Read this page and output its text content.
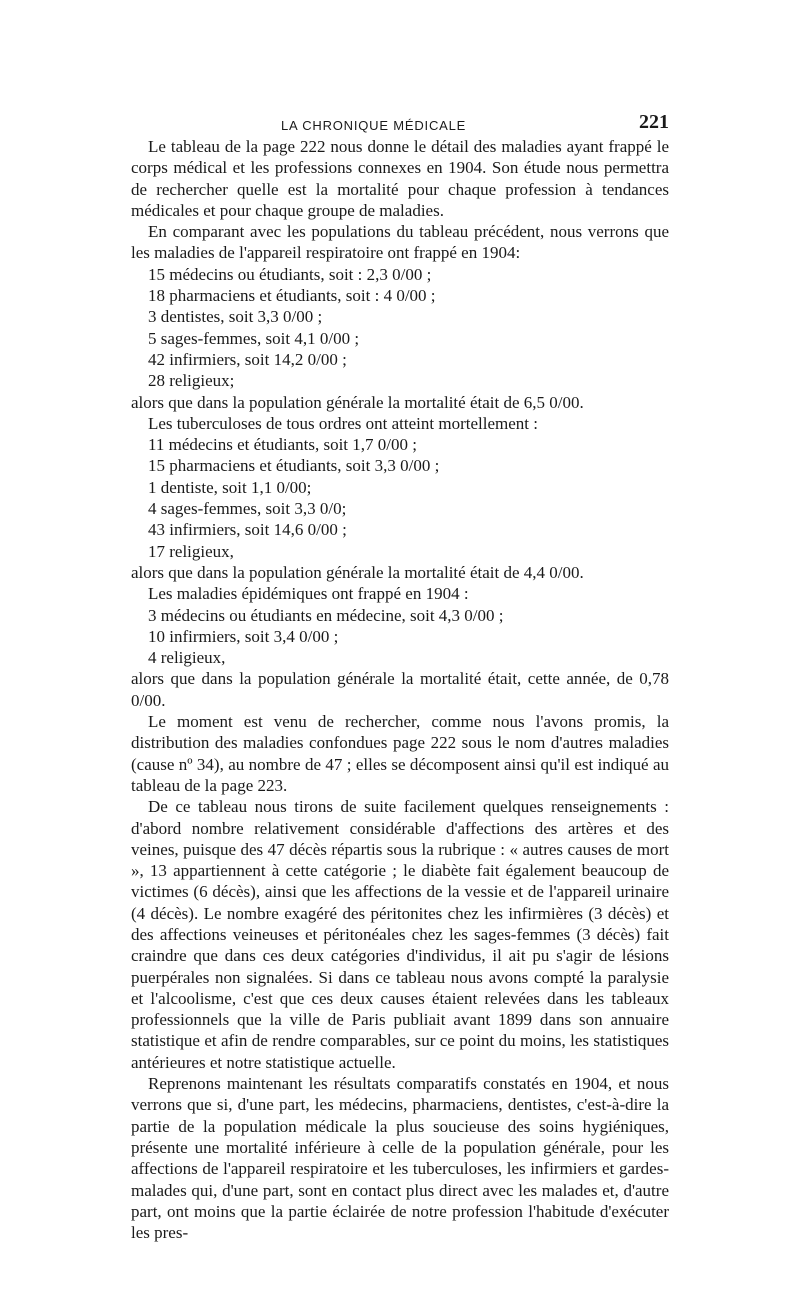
LA CHRONIQUE MÉDICALE	221

Le tableau de la page 222 nous donne le détail des maladies ayant frappé le corps médical et les professions connexes en 1904. Son étude nous permettra de rechercher quelle est la mortalité pour chaque profession à tendances médicales et pour chaque groupe de maladies.

En comparant avec les populations du tableau précédent, nous verrons que les maladies de l'appareil respiratoire ont frappé en 1904:

15 médecins ou étudiants, soit : 2,3 0/00 ;

18 pharmaciens et étudiants, soit : 4 0/00 ;

3 dentistes, soit 3,3 0/00 ;

5 sages-femmes, soit 4,1 0/00 ;

42 infirmiers, soit 14,2 0/00 ;

28 religieux;

alors que dans la population générale la mortalité était de 6,5 0/00.

Les tuberculoses de tous ordres ont atteint mortellement :

11 médecins et étudiants, soit 1,7 0/00 ;

15 pharmaciens et étudiants, soit 3,3 0/00 ;

1 dentiste, soit 1,1 0/00;

4 sages-femmes, soit 3,3 0/0;

43 infirmiers, soit 14,6 0/00 ;

17 religieux,

alors que dans la population générale la mortalité était de 4,4 0/00.

Les maladies épidémiques ont frappé en 1904 :

3 médecins ou étudiants en médecine, soit 4,3 0/00 ;

10 infirmiers, soit 3,4 0/00 ;

4 religieux,

alors que dans la population générale la mortalité était, cette année, de 0,78 0/00.

Le moment est venu de rechercher, comme nous l'avons promis, la distribution des maladies confondues page 222 sous le nom d'autres maladies (cause nº 34), au nombre de 47 ; elles se décomposent ainsi qu'il est indiqué au tableau de la page 223.

De ce tableau nous tirons de suite facilement quelques renseignements : d'abord nombre relativement considérable d'affections des artères et des veines, puisque des 47 décès répartis sous la rubrique : « autres causes de mort », 13 appartiennent à cette catégorie ; le diabète fait également beaucoup de victimes (6 décès), ainsi que les affections de la vessie et de l'appareil urinaire (4 décès). Le nombre exagéré des péritonites chez les infirmières (3 décès) et des affections veineuses et péritonéales chez les sages-femmes (3 décès) fait craindre que dans ces deux catégories d'individus, il ait pu s'agir de lésions puerpérales non signalées. Si dans ce tableau nous avons compté la paralysie et l'alcoolisme, c'est que ces deux causes étaient relevées dans les tableaux professionnels que la ville de Paris publiait avant 1899 dans son annuaire statistique et afin de rendre comparables, sur ce point du moins, les statistiques antérieures et notre statistique actuelle.

Reprenons maintenant les résultats comparatifs constatés en 1904, et nous verrons que si, d'une part, les médecins, pharmaciens, dentistes, c'est-à-dire la partie de la population médicale la plus soucieuse des soins hygiéniques, présente une mortalité inférieure à celle de la population générale, pour les affections de l'appareil respiratoire et les tuberculoses, les infirmiers et gardes-malades qui, d'une part, sont en contact plus direct avec les malades et, d'autre part, ont moins que la partie éclairée de notre profession l'habitude d'exécuter les pres-
